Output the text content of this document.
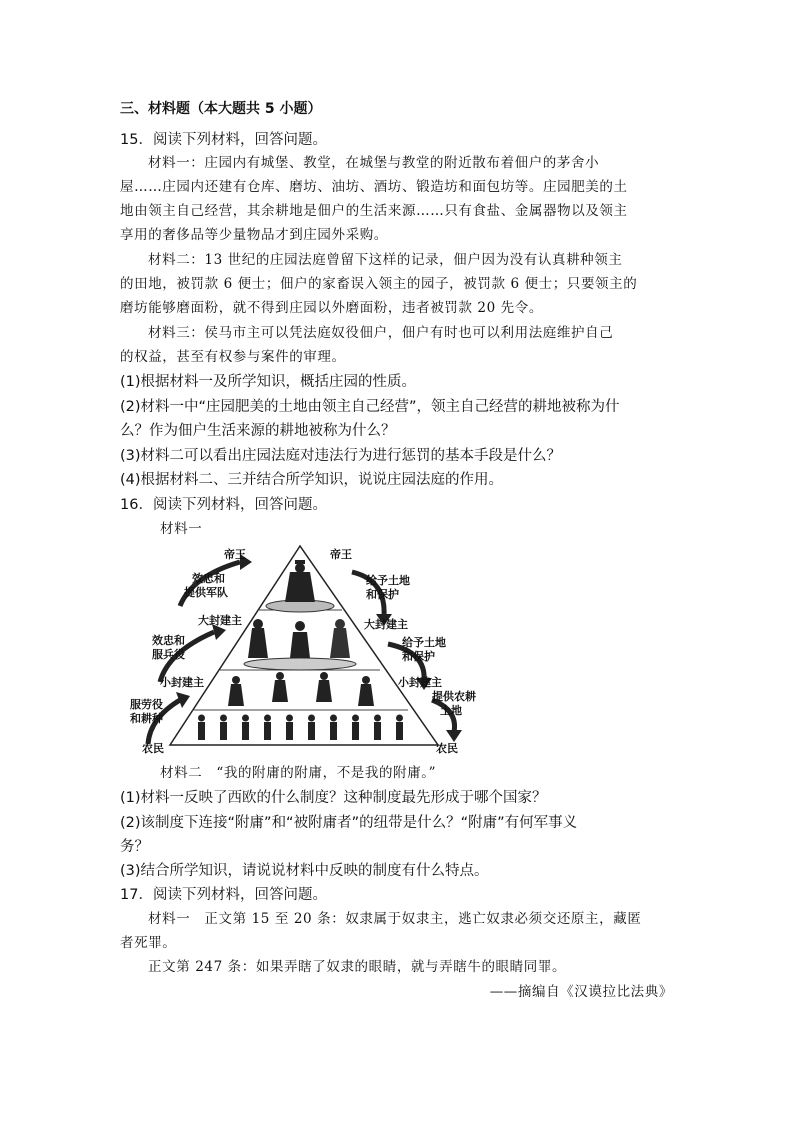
三、材料题（本大题共 5 小题）
15．阅读下列材料，回答问题。
材料一：庄园内有城堡、教堂，在城堡与教堂的附近散布着佃户的茅舍小
屋……庄园内还建有仓库、磨坊、油坊、酒坊、锻造坊和面包坊等。庄园肥美的土
地由领主自己经营，其余耕地是佃户的生活来源……只有食盐、金属器物以及领主
享用的奢侈品等少量物品才到庄园外采购。
材料二：13 世纪的庄园法庭曾留下这样的记录，佃户因为没有认真耕种领主
的田地，被罚款 6 便士；佃户的家畜误入领主的园子，被罚款 6 便士；只要领主的
磨坊能够磨面粉，就不得到庄园以外磨面粉，违者被罚款 20 先令。
材料三：侯马市主可以凭法庭奴役佃户，佃户有时也可以利用法庭维护自己
的权益，甚至有权参与案件的审理。
(1)根据材料一及所学知识，概括庄园的性质。
(2)材料一中“庄园肥美的土地由领主自己经营”，领主自己经营的耕地被称为什
么？作为佃户生活来源的耕地被称为什么？
(3)材料二可以看出庄园法庭对违法行为进行惩罚的基本手段是什么？
(4)根据材料二、三并结合所学知识，说说庄园法庭的作用。
16．阅读下列材料，回答问题。
材料一
帝王	帝王
效忠和
提供军队
给予土地
和保护
大封建主	大封建主
效忠和
服兵役
给予土地
和保护
小封建主	小封建主
服劳役
和耕种
提供农耕
土地
农民	农民
材料二　“我的附庸的附庸，不是我的附庸。”
(1)材料一反映了西欧的什么制度？这种制度最先形成于哪个国家？
(2)该制度下连接“附庸”和“被附庸者”的纽带是什么？“附庸”有何军事义
务？
(3)结合所学知识，请说说材料中反映的制度有什么特点。
17．阅读下列材料，回答问题。
材料一　正文第 15 至 20 条：奴隶属于奴隶主，逃亡奴隶必须交还原主，藏匿
者死罪。
正文第 247 条：如果弄瞎了奴隶的眼睛，就与弄瞎牛的眼睛同罪。
——摘编自《汉谟拉比法典》
